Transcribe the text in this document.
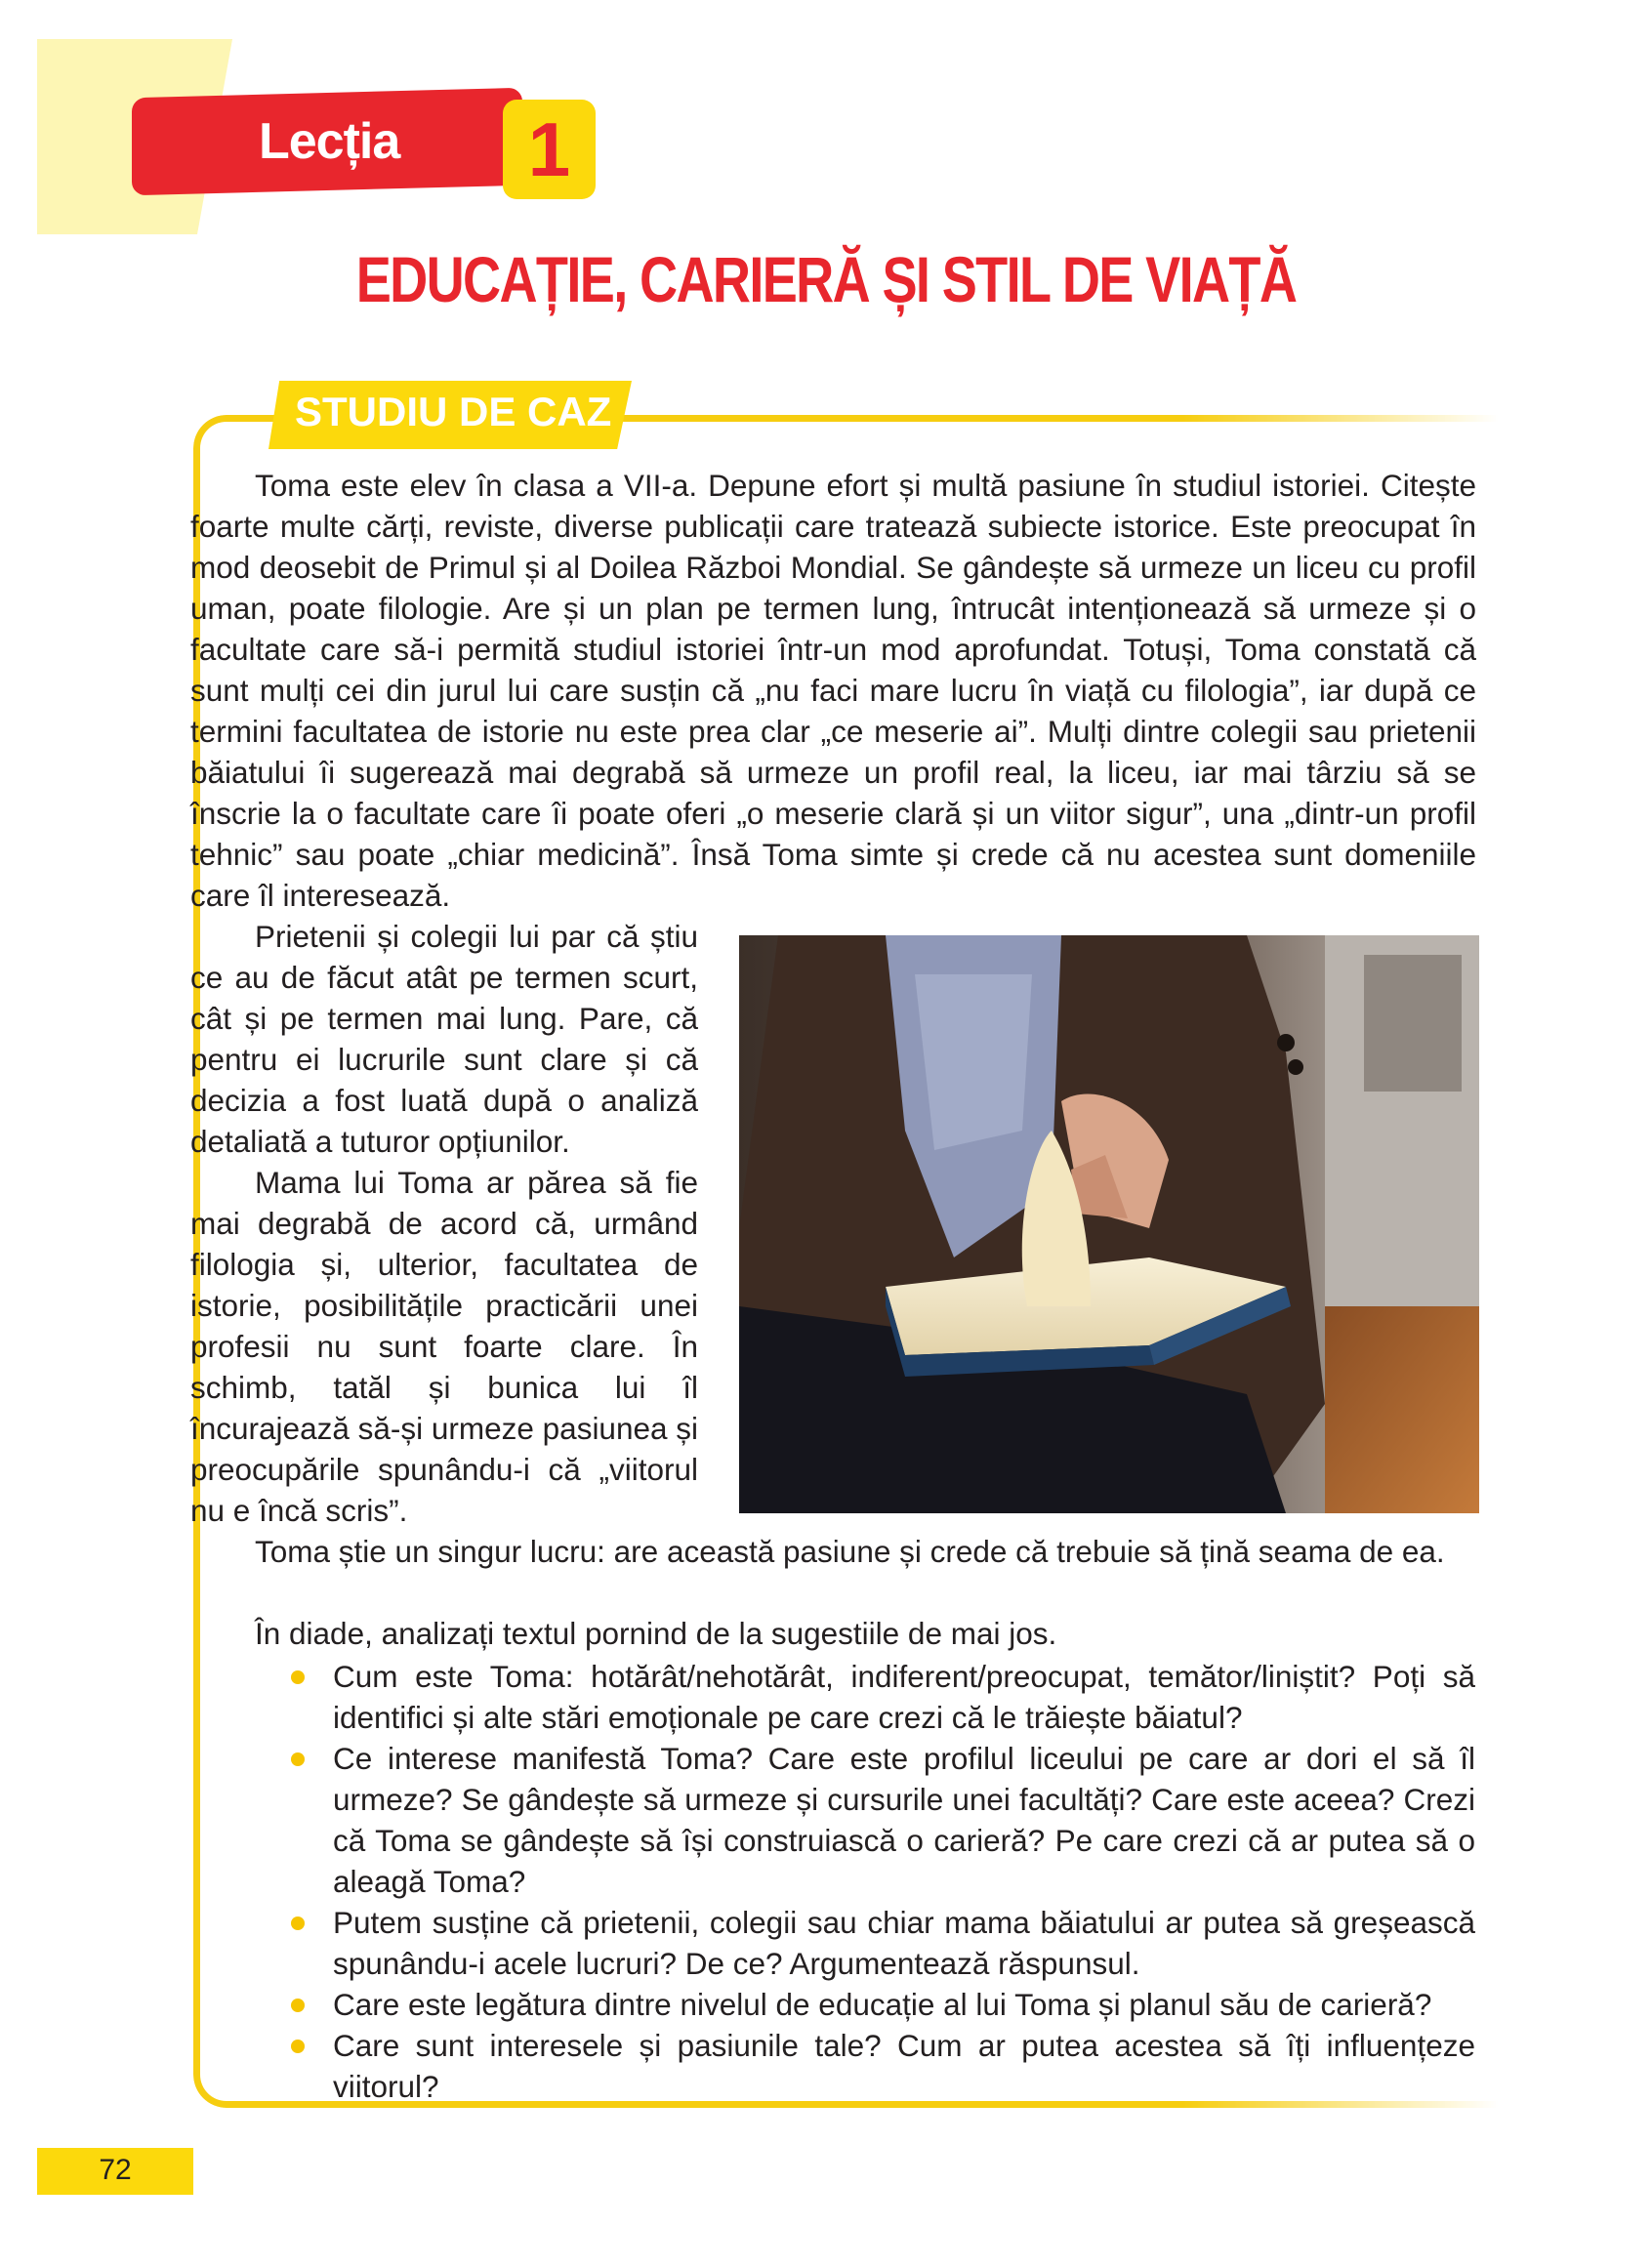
Lecția	1
EDUCAȚIE, CARIERĂ ȘI STIL DE VIAȚĂ
STUDIU DE CAZ

Toma este elev în clasa a VII-a. Depune efort și multă pasiune în studiul istoriei. Citește foarte multe cărți, reviste, diverse publicații care tratează subiecte istorice. Este preocupat în mod deosebit de Primul și al Doilea Război Mondial. Se gândește să urmeze un liceu cu profil uman, poate filologie. Are și un plan pe termen lung, întrucât intenționează să urmeze și o facultate care să-i permită studiul istoriei într-un mod aprofundat. Totuși, Toma constată că sunt mulți cei din jurul lui care susțin că „nu faci mare lucru în viață cu filologia”, iar după ce termini facultatea de istorie nu este prea clar „ce meserie ai”. Mulți dintre colegii sau prietenii băiatului îi sugerează mai degrabă să urmeze un profil real, la liceu, iar mai târziu să se înscrie la o facultate care îi poate oferi „o meserie clară și un viitor sigur”, una „dintr-un profil tehnic” sau poate „chiar medicină”. Însă Toma simte și crede că nu acestea sunt domeniile care îl interesează.

Prietenii și colegii lui par că știu ce au de făcut atât pe termen scurt, cât și pe termen mai lung. Pare, că pentru ei lucrurile sunt clare și că decizia a fost luată după o analiză detaliată a tuturor opțiunilor.

Mama lui Toma ar părea să fie mai degrabă de acord că, urmând filologia și, ulterior, facultatea de istorie, posibilitățile practicării unei profesii nu sunt foarte clare. În schimb, tatăl și bunica lui îl încurajează să-și urmeze pasiunea și preocupările spunându-i că „viitorul nu e încă scris”.

Toma știe un singur lucru: are această pasiune și crede că trebuie să țină seama de ea.

În diade, analizați textul pornind de la sugestiile de mai jos.

Cum este Toma: hotărât/nehotărât, indiferent/preocupat, temător/liniștit? Poți să identifici și alte stări emoționale pe care crezi că le trăiește băiatul?
Ce interese manifestă Toma? Care este profilul liceului pe care ar dori el să îl urmeze? Se gândește să urmeze și cursurile unei facultăți? Care este aceea? Crezi că Toma se gândește să își construiască o carieră? Pe care crezi că ar putea să o aleagă Toma?
Putem susține că prietenii, colegii sau chiar mama băiatului ar putea să greșească spunându-i acele lucruri? De ce? Argumentează răspunsul.
Care este legătura dintre nivelul de educație al lui Toma și planul său de carieră?
Care sunt interesele și pasiunile tale? Cum ar putea acestea să îți influențeze viitorul?
72
